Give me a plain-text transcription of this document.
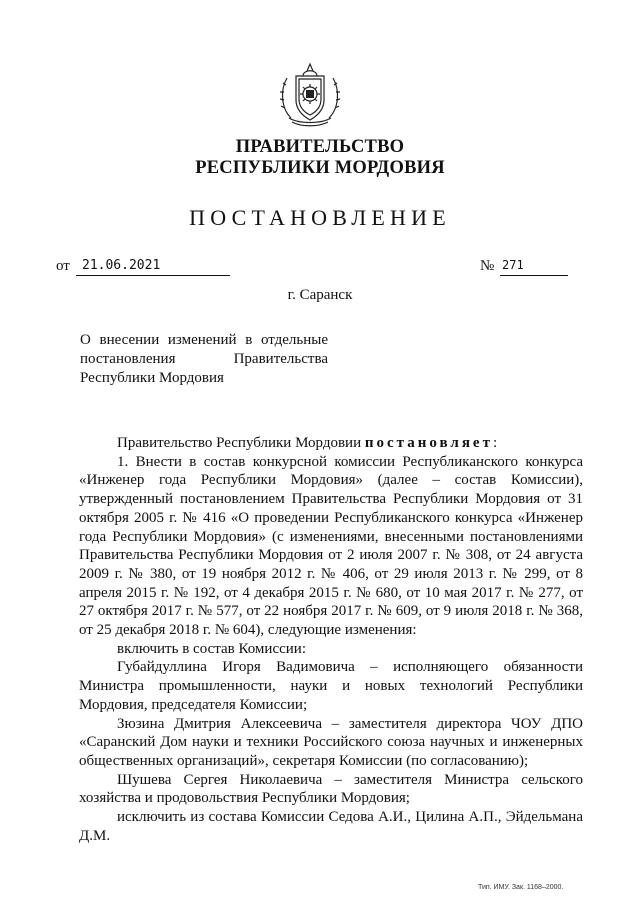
ПРАВИТЕЛЬСТВО
РЕСПУБЛИКИ МОРДОВИЯ
ПОСТАНОВЛЕНИЕ
от 21.06.2021	№ 271
г. Саранск
О внесении изменений в отдельные
постановления Правительства
Республики Мордовия

Правительство Республики Мордовии постановляет:

1. Внести в состав конкурсной комиссии Республиканского конкурса «Инженер года Республики Мордовия» (далее – состав Комиссии), утвержденный постановлением Правительства Республики Мордовия от 31 октября 2005 г. № 416 «О проведении Республиканского конкурса «Инженер года Республики Мордовия» (с изменениями, внесенными постановлениями Правительства Республики Мордовия от 2 июля 2007 г. № 308, от 24 августа 2009 г. № 380, от 19 ноября 2012 г. № 406, от 29 июля 2013 г. № 299, от 8 апреля 2015 г. № 192, от 4 декабря 2015 г. № 680, от 10 мая 2017 г. № 277, от 27 октября 2017 г. № 577, от 22 ноября 2017 г. № 609, от 9 июля 2018 г. № 368, от 25 декабря 2018 г. № 604), следующие изменения:

включить в состав Комиссии:

Губайдуллина Игоря Вадимовича – исполняющего обязанности Министра промышленности, науки и новых технологий Республики Мордовия, председателя Комиссии;

Зюзина Дмитрия Алексеевича – заместителя директора ЧОУ ДПО «Саранский Дом науки и техники Российского союза научных и инженерных общественных организаций», секретаря Комиссии (по согласованию);

Шушева Сергея Николаевича – заместителя Министра сельского хозяйства и продовольствия Республики Мордовия;

исключить из состава Комиссии Седова А.И., Цилина А.П., Эйдельмана Д.М.

Тип. ИМУ. Зак. 1168–2000.
